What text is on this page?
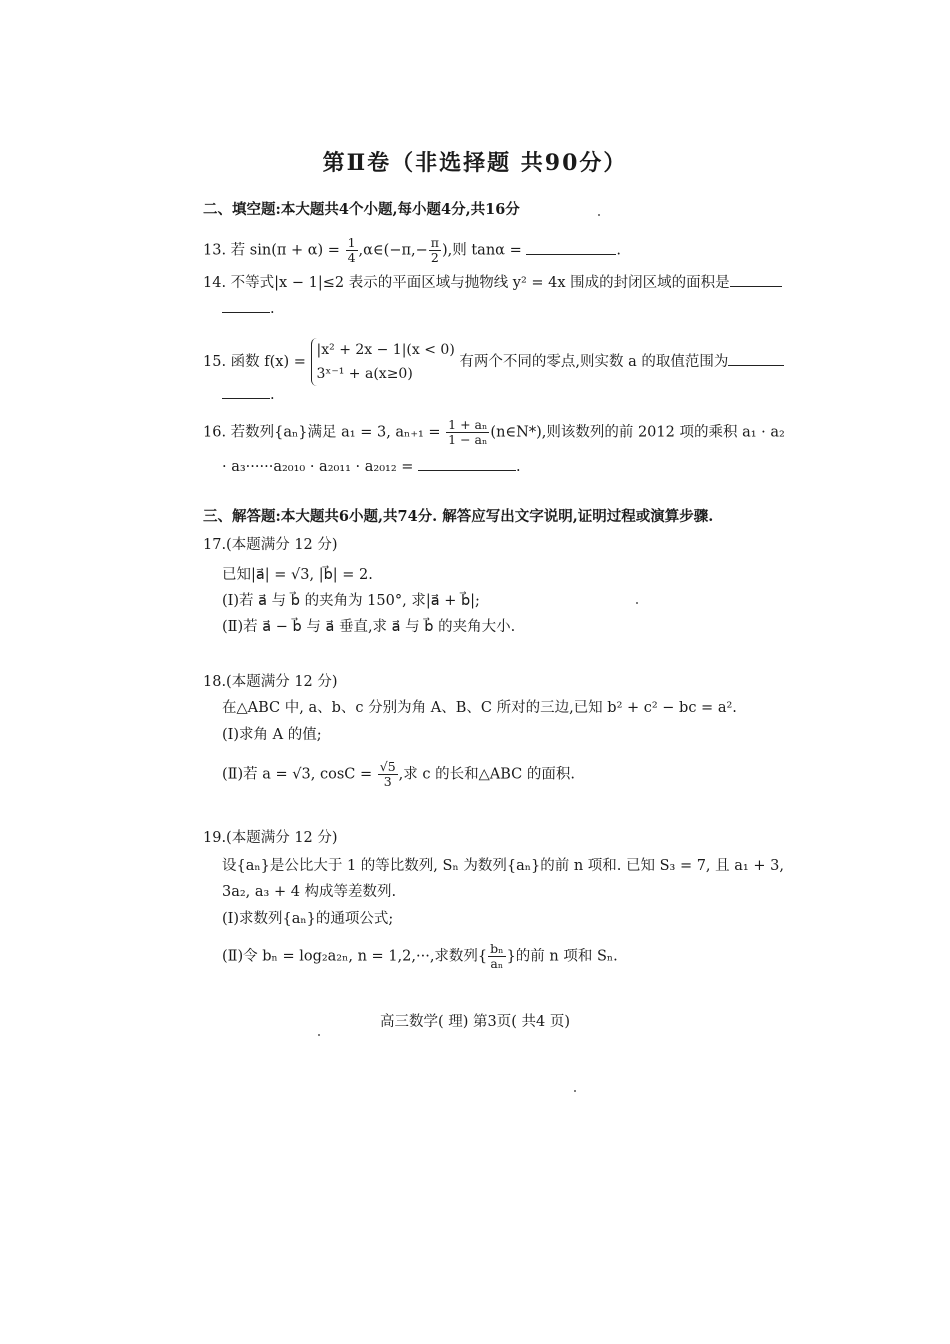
第Ⅱ卷（非选择题 共90分）
二、填空题:本大题共4个小题,每小题4分,共16分
13. 若 $\sin(\pi + \alpha) = \frac{1}{4}$ ,α∈(−π,− $\frac{\pi}{2}$ ),则 tanα =	.
14. 不等式|x − 1|≤2 表示的平面区域与抛物线 y² = 4x 围成的封闭区域的面积是
.
15. 函数 f(x) =
|x² + 2x − 1|(x < 0)
3ˣ⁻¹ + a(x≥0)
有两个不同的零点,则实数 a 的取值范围为
.
16. 若数列{aₙ}满足 a₁ = 3, $a_{n+1} = \frac{\text{1 + aₙ}}{\text{1 − aₙ}}$ (n∈N*),则该数列的前 2012 项的乘积 a₁ · a₂
· a₃······a₂₀₁₀ · a₂₀₁₁ · a₂₀₁₂ =	.
三、解答题:本大题共6小题,共74分. 解答应写出文字说明,证明过程或演算步骤.
17.(本题满分 12 分)
已知|a⃗| = √3, |b⃗| = 2.
(Ⅰ)若 a⃗ 与 b⃗ 的夹角为 150°, 求|a⃗ + b⃗|;
(Ⅱ)若 a⃗ − b⃗ 与 a⃗ 垂直,求 a⃗ 与 b⃗ 的夹角大小.
18.(本题满分 12 分)
在△ABC 中, a、b、c 分别为角 A、B、C 所对的三边,已知 b² + c² − bc = a².
(Ⅰ)求角 A 的值;
(Ⅱ)若 a = √3, $\cos C = \frac{√5}{3}$ ,求 c 的长和△ABC 的面积.
19.(本题满分 12 分)
设{aₙ}是公比大于 1 的等比数列, Sₙ 为数列{aₙ}的前 n 项和. 已知 S₃ = 7, 且 a₁ + 3,
3a₂, a₃ + 4 构成等差数列.
(Ⅰ)求数列{aₙ}的通项公式;
(Ⅱ)令 bₙ = log₂a₂ₙ, n = 1,2,···,求数列{ $\frac{\text{bₙ}}{\text{aₙ}}$ }的前 n 项和 Sₙ.
高三数学( 理) 第3页( 共4 页)
